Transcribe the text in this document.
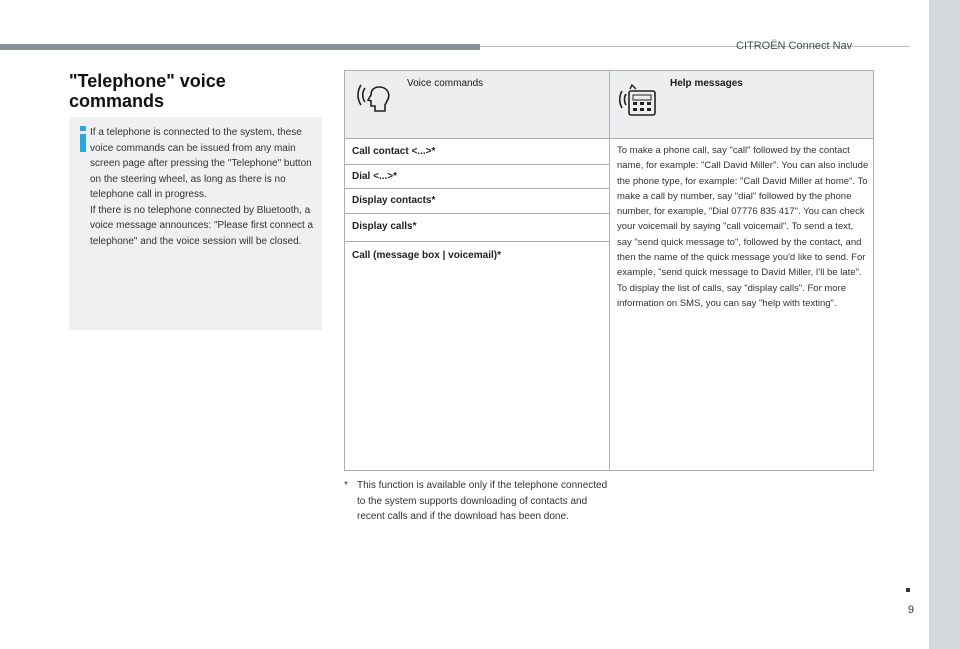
CITROËN Connect Nav
9
"Telephone" voice commands
If a telephone is connected to the system, these voice commands can be issued from any main screen page after pressing the "Telephone" button on the steering wheel, as long as there is no telephone call in progress.
If there is no telephone connected by Bluetooth, a voice message announces: "Please first connect a telephone" and the voice session will be closed.
Voice commands	Help messages
Call contact <...>*
Dial <...>*
Display contacts*
Display calls*
Call (message box | voicemail)*
To make a phone call, say "call" followed by the contact name, for example: "Call David Miller". You can also include the phone type, for example: "Call David Miller at home". To make a call by number, say "dial" followed by the phone number, for example, "Dial 07776 835 417". You can check your voicemail by saying "call voicemail". To send a text, say "send quick message to", followed by the contact, and then the name of the quick message you'd like to send. For example, "send quick message to David Miller, I'll be late". To display the list of calls, say "display calls". For more information on SMS, you can say "help with texting".
* This function is available only if the telephone connected to the system supports downloading of contacts and recent calls and if the download has been done.
